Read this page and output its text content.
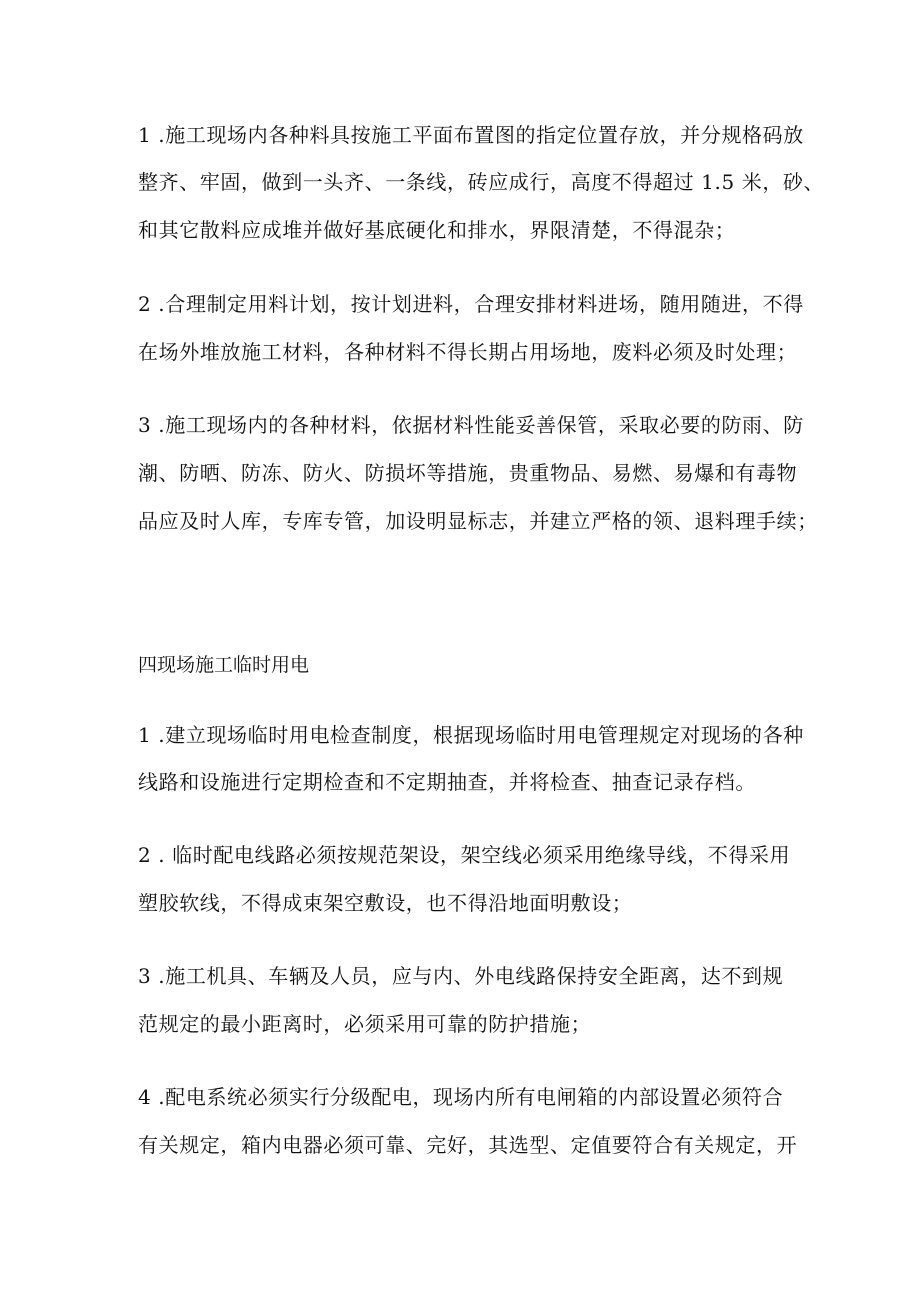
1 .施工现场内各种料具按施工平面布置图的指定位置存放，并分规格码放
整齐、牢固，做到一头齐、一条线，砖应成行，高度不得超过 1.5 米，砂、
和其它散料应成堆并做好基底硬化和排水，界限清楚，不得混杂；
2 .合理制定用料计划，按计划进料，合理安排材料进场，随用随进，不得
在场外堆放施工材料，各种材料不得长期占用场地，废料必须及时处理；
3 .施工现场内的各种材料，依据材料性能妥善保管，采取必要的防雨、防
潮、防晒、防冻、防火、防损坏等措施，贵重物品、易燃、易爆和有毒物
品应及时人库，专库专管，加设明显标志，并建立严格的领、退料理手续；
四现场施工临时用电
1 .建立现场临时用电检查制度，根据现场临时用电管理规定对现场的各种
线路和设施进行定期检查和不定期抽查，并将检查、抽查记录存档。
2 . 临时配电线路必须按规范架设，架空线必须采用绝缘导线，不得采用
塑胶软线，不得成束架空敷设，也不得沿地面明敷设；
3 .施工机具、车辆及人员，应与内、外电线路保持安全距离，达不到规
范规定的最小距离时，必须采用可靠的防护措施；
4 .配电系统必须实行分级配电，现场内所有电闸箱的内部设置必须符合
有关规定，箱内电器必须可靠、完好，其选型、定值要符合有关规定，开
